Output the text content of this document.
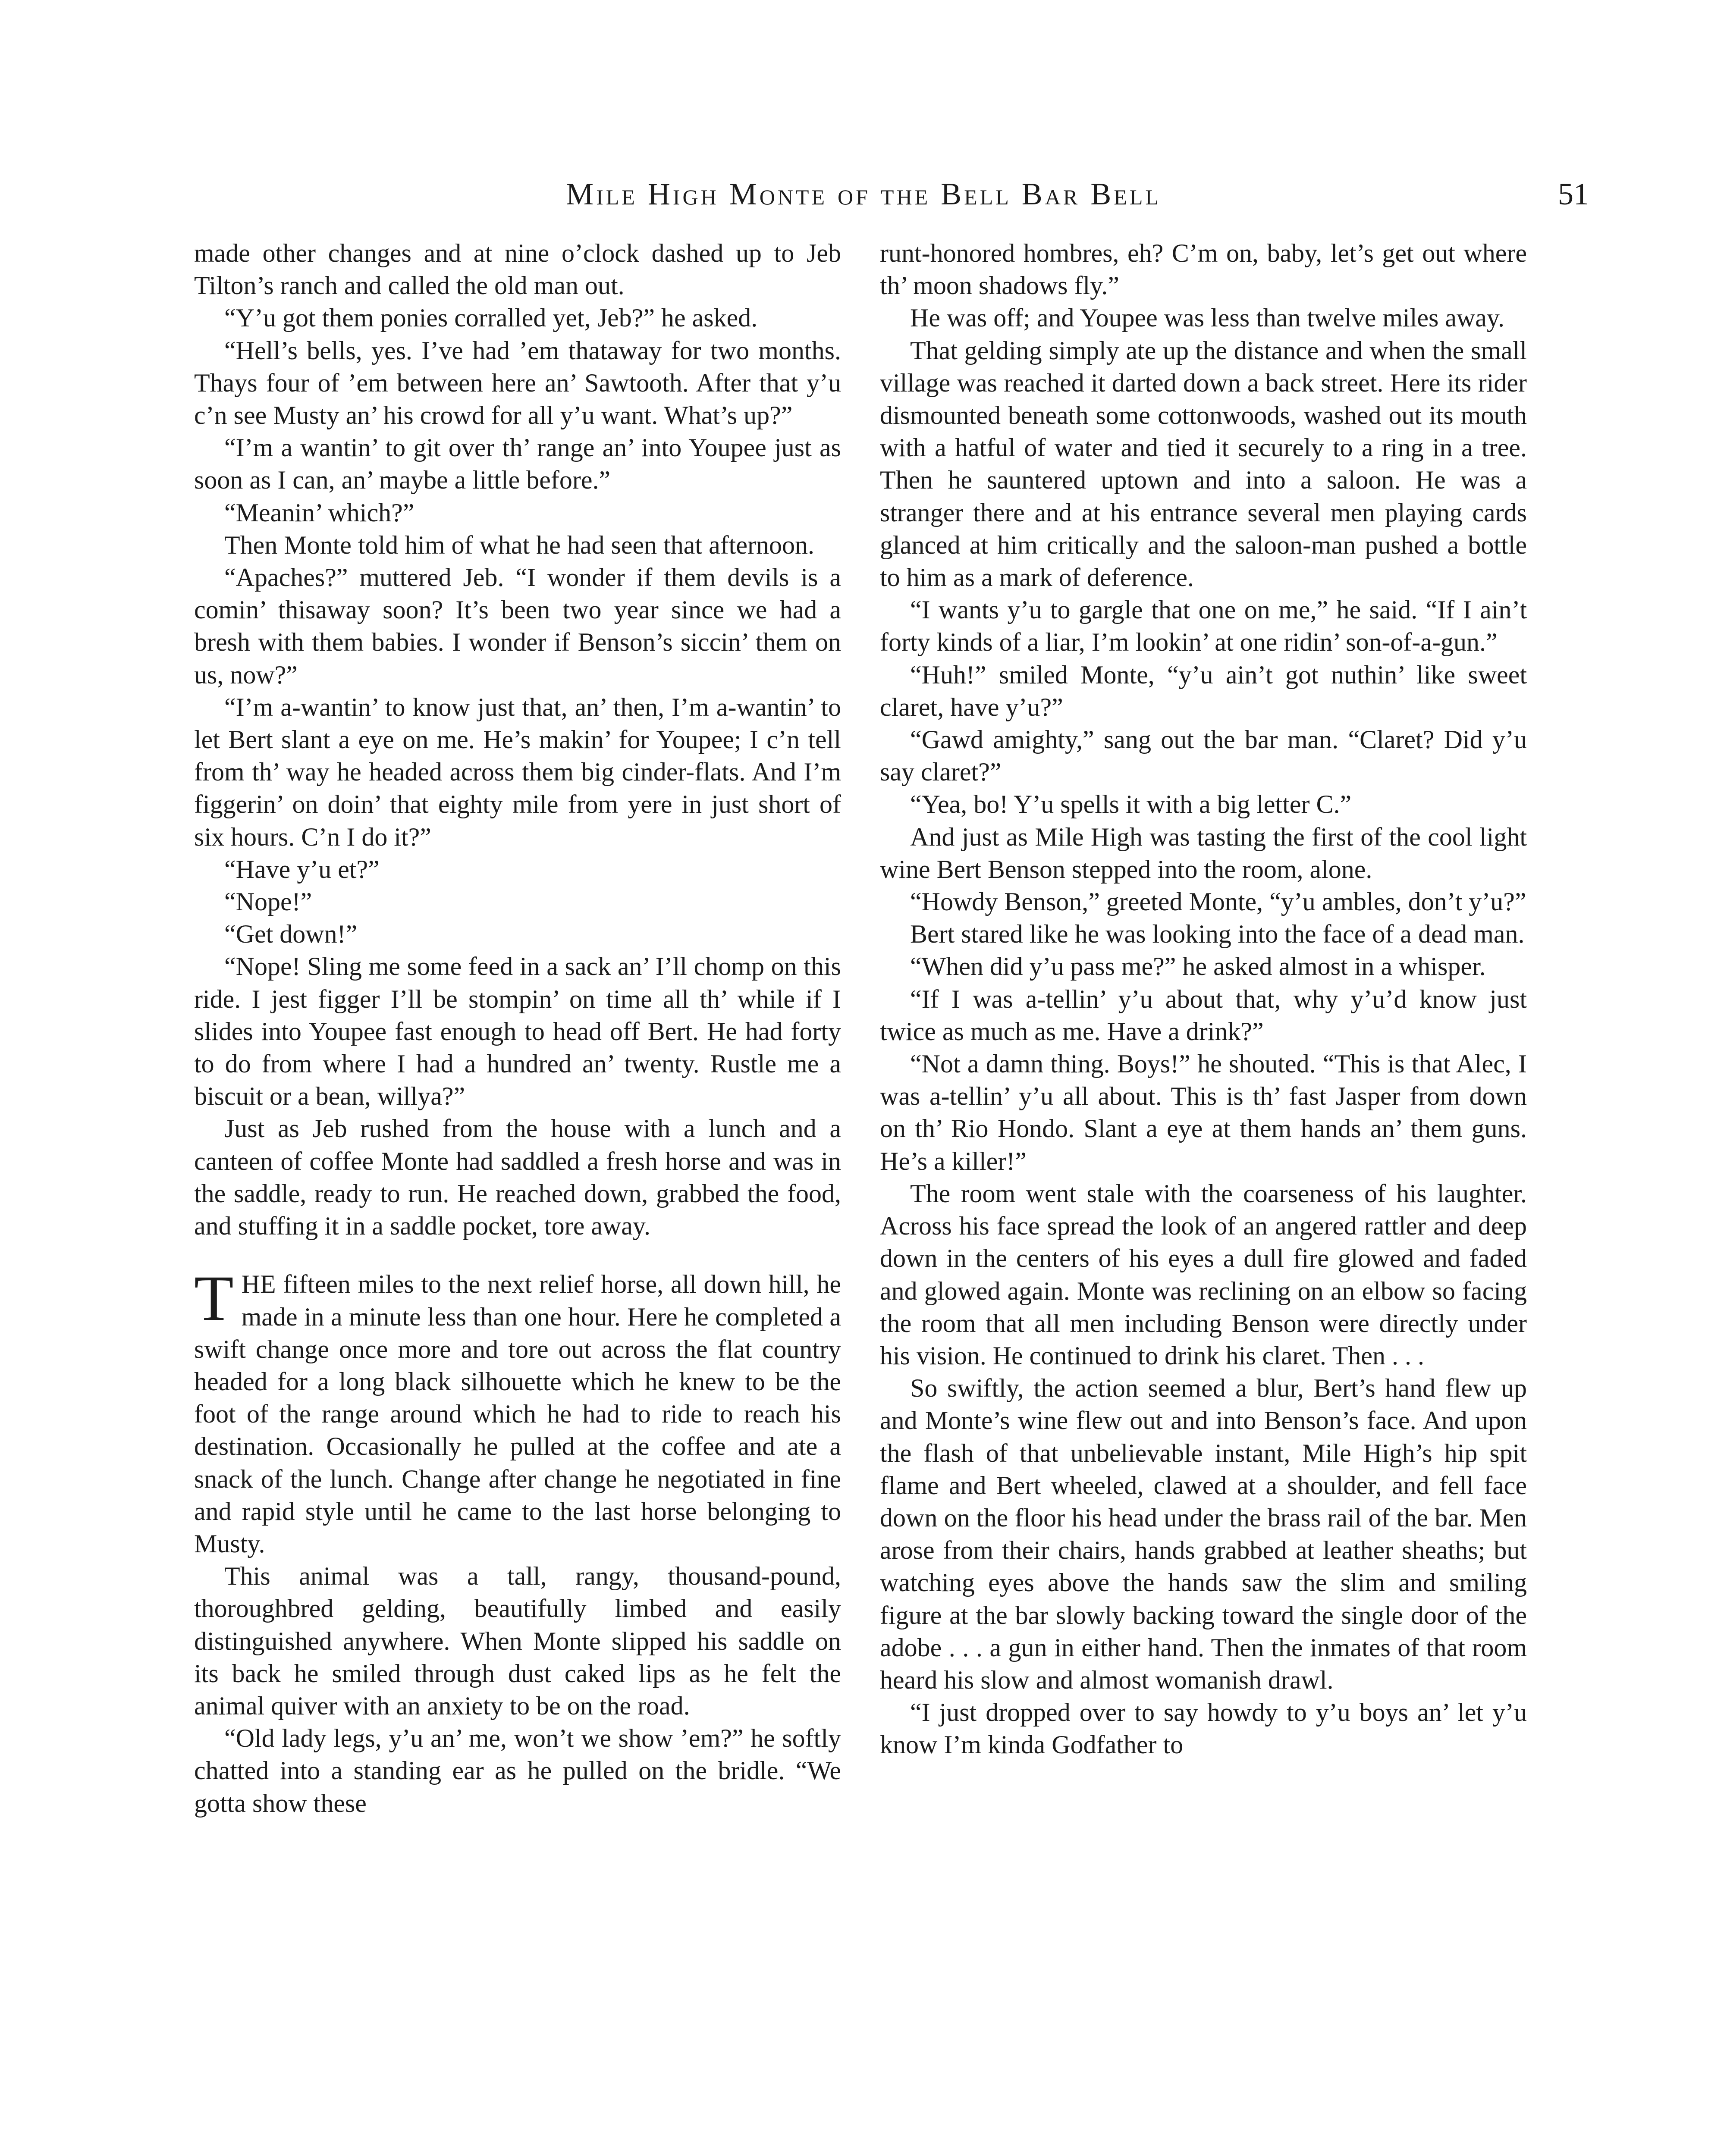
Mile High Monte of the Bell Bar Bell	51

made other changes and at nine o’clock dashed up to Jeb Tilton’s ranch and called the old man out.

“Y’u got them ponies corralled yet, Jeb?” he asked.

“Hell’s bells, yes. I’ve had ’em thataway for two months. Thays four of ’em between here an’ Sawtooth. After that y’u c’n see Musty an’ his crowd for all y’u want. What’s up?”

“I’m a wantin’ to git over th’ range an’ into Youpee just as soon as I can, an’ maybe a little before.”

“Meanin’ which?”

Then Monte told him of what he had seen that afternoon.

“Apaches?” muttered Jeb. “I wonder if them devils is a comin’ thisaway soon? It’s been two year since we had a bresh with them babies. I wonder if Benson’s siccin’ them on us, now?”

“I’m a-wantin’ to know just that, an’ then, I’m a-wantin’ to let Bert slant a eye on me. He’s makin’ for Youpee; I c’n tell from th’ way he headed across them big cinder-flats. And I’m figgerin’ on doin’ that eighty mile from yere in just short of six hours. C’n I do it?”

“Have y’u et?”

“Nope!”

“Get down!”

“Nope! Sling me some feed in a sack an’ I’ll chomp on this ride. I jest figger I’ll be stompin’ on time all th’ while if I slides into Youpee fast enough to head off Bert. He had forty to do from where I had a hundred an’ twenty. Rustle me a biscuit or a bean, willya?”

Just as Jeb rushed from the house with a lunch and a canteen of coffee Monte had saddled a fresh horse and was in the saddle, ready to run. He reached down, grabbed the food, and stuffing it in a saddle pocket, tore away.

THE fifteen miles to the next relief horse, all down hill, he made in a minute less than one hour. Here he completed a swift change once more and tore out across the flat country headed for a long black silhouette which he knew to be the foot of the range around which he had to ride to reach his destination. Occasionally he pulled at the coffee and ate a snack of the lunch. Change after change he negotiated in fine and rapid style until he came to the last horse belonging to Musty.

This animal was a tall, rangy, thousand-pound, thoroughbred gelding, beautifully limbed and easily distinguished anywhere. When Monte slipped his saddle on its back he smiled through dust caked lips as he felt the animal quiver with an anxiety to be on the road.

“Old lady legs, y’u an’ me, won’t we show ’em?” he softly chatted into a standing ear as he pulled on the bridle. “We gotta show these

runt-honored hombres, eh? C’m on, baby, let’s get out where th’ moon shadows fly.”

He was off; and Youpee was less than twelve miles away.

That gelding simply ate up the distance and when the small village was reached it darted down a back street. Here its rider dismounted beneath some cottonwoods, washed out its mouth with a hatful of water and tied it securely to a ring in a tree. Then he sauntered uptown and into a saloon. He was a stranger there and at his entrance several men playing cards glanced at him critically and the saloon-man pushed a bottle to him as a mark of deference.

“I wants y’u to gargle that one on me,” he said. “If I ain’t forty kinds of a liar, I’m lookin’ at one ridin’ son-of-a-gun.”

“Huh!” smiled Monte, “y’u ain’t got nuthin’ like sweet claret, have y’u?”

“Gawd amighty,” sang out the bar man. “Claret? Did y’u say claret?”

“Yea, bo! Y’u spells it with a big letter C.”

And just as Mile High was tasting the first of the cool light wine Bert Benson stepped into the room, alone.

“Howdy Benson,” greeted Monte, “y’u ambles, don’t y’u?”

Bert stared like he was looking into the face of a dead man.

“When did y’u pass me?” he asked almost in a whisper.

“If I was a-tellin’ y’u about that, why y’u’d know just twice as much as me. Have a drink?”

“Not a damn thing. Boys!” he shouted. “This is that Alec, I was a-tellin’ y’u all about. This is th’ fast Jasper from down on th’ Rio Hondo. Slant a eye at them hands an’ them guns. He’s a killer!”

The room went stale with the coarseness of his laughter. Across his face spread the look of an angered rattler and deep down in the centers of his eyes a dull fire glowed and faded and glowed again. Monte was reclining on an elbow so facing the room that all men including Benson were directly under his vision. He continued to drink his claret. Then . . .

So swiftly, the action seemed a blur, Bert’s hand flew up and Monte’s wine flew out and into Benson’s face. And upon the flash of that unbelievable instant, Mile High’s hip spit flame and Bert wheeled, clawed at a shoulder, and fell face down on the floor his head under the brass rail of the bar. Men arose from their chairs, hands grabbed at leather sheaths; but watching eyes above the hands saw the slim and smiling figure at the bar slowly backing toward the single door of the adobe . . . a gun in either hand. Then the inmates of that room heard his slow and almost womanish drawl.

“I just dropped over to say howdy to y’u boys an’ let y’u know I’m kinda Godfather to
